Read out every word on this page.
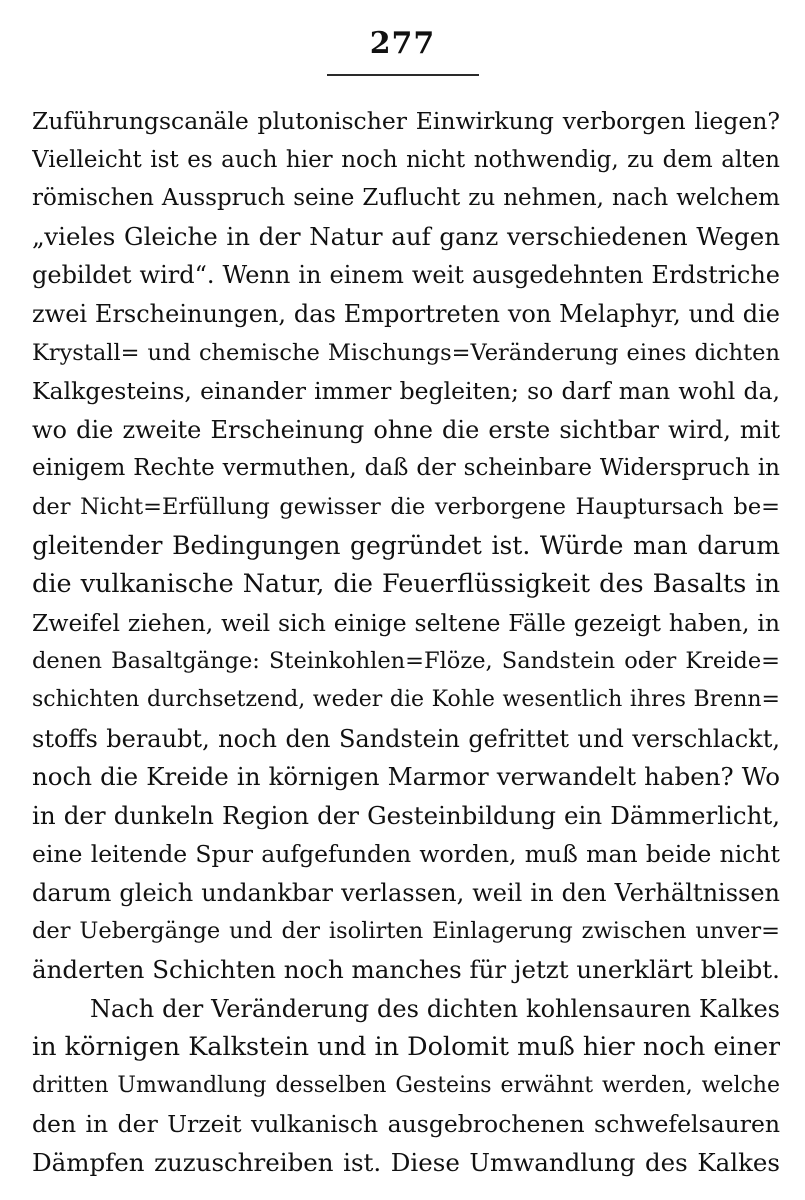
277
Zuführungscanäle plutonischer Einwirkung verborgen liegen?
Vielleicht ist es auch hier noch nicht nothwendig, zu dem alten
römischen Ausspruch seine Zuflucht zu nehmen, nach welchem
„vieles Gleiche in der Natur auf ganz verschiedenen Wegen
gebildet wird“. Wenn in einem weit ausgedehnten Erdstriche
zwei Erscheinungen, das Emportreten von Melaphyr, und die
Krystall= und chemische Mischungs=Veränderung eines dichten
Kalkgesteins, einander immer begleiten; so darf man wohl da,
wo die zweite Erscheinung ohne die erste sichtbar wird, mit
einigem Rechte vermuthen, daß der scheinbare Widerspruch in
der Nicht=Erfüllung gewisser die verborgene Hauptursach be=
gleitender Bedingungen gegründet ist. Würde man darum
die vulkanische Natur, die Feuerflüssigkeit des Basalts in
Zweifel ziehen, weil sich einige seltene Fälle gezeigt haben, in
denen Basaltgänge: Steinkohlen=Flöze, Sandstein oder Kreide=
schichten durchsetzend, weder die Kohle wesentlich ihres Brenn=
stoffs beraubt, noch den Sandstein gefrittet und verschlackt,
noch die Kreide in körnigen Marmor verwandelt haben? Wo
in der dunkeln Region der Gesteinbildung ein Dämmerlicht,
eine leitende Spur aufgefunden worden, muß man beide nicht
darum gleich undankbar verlassen, weil in den Verhältnissen
der Uebergänge und der isolirten Einlagerung zwischen unver=
änderten Schichten noch manches für jetzt unerklärt bleibt.
Nach der Veränderung des dichten kohlensauren Kalkes
in körnigen Kalkstein und in Dolomit muß hier noch einer
dritten Umwandlung desselben Gesteins erwähnt werden, welche
den in der Urzeit vulkanisch ausgebrochenen schwefelsauren
Dämpfen zuzuschreiben ist. Diese Umwandlung des Kalkes
